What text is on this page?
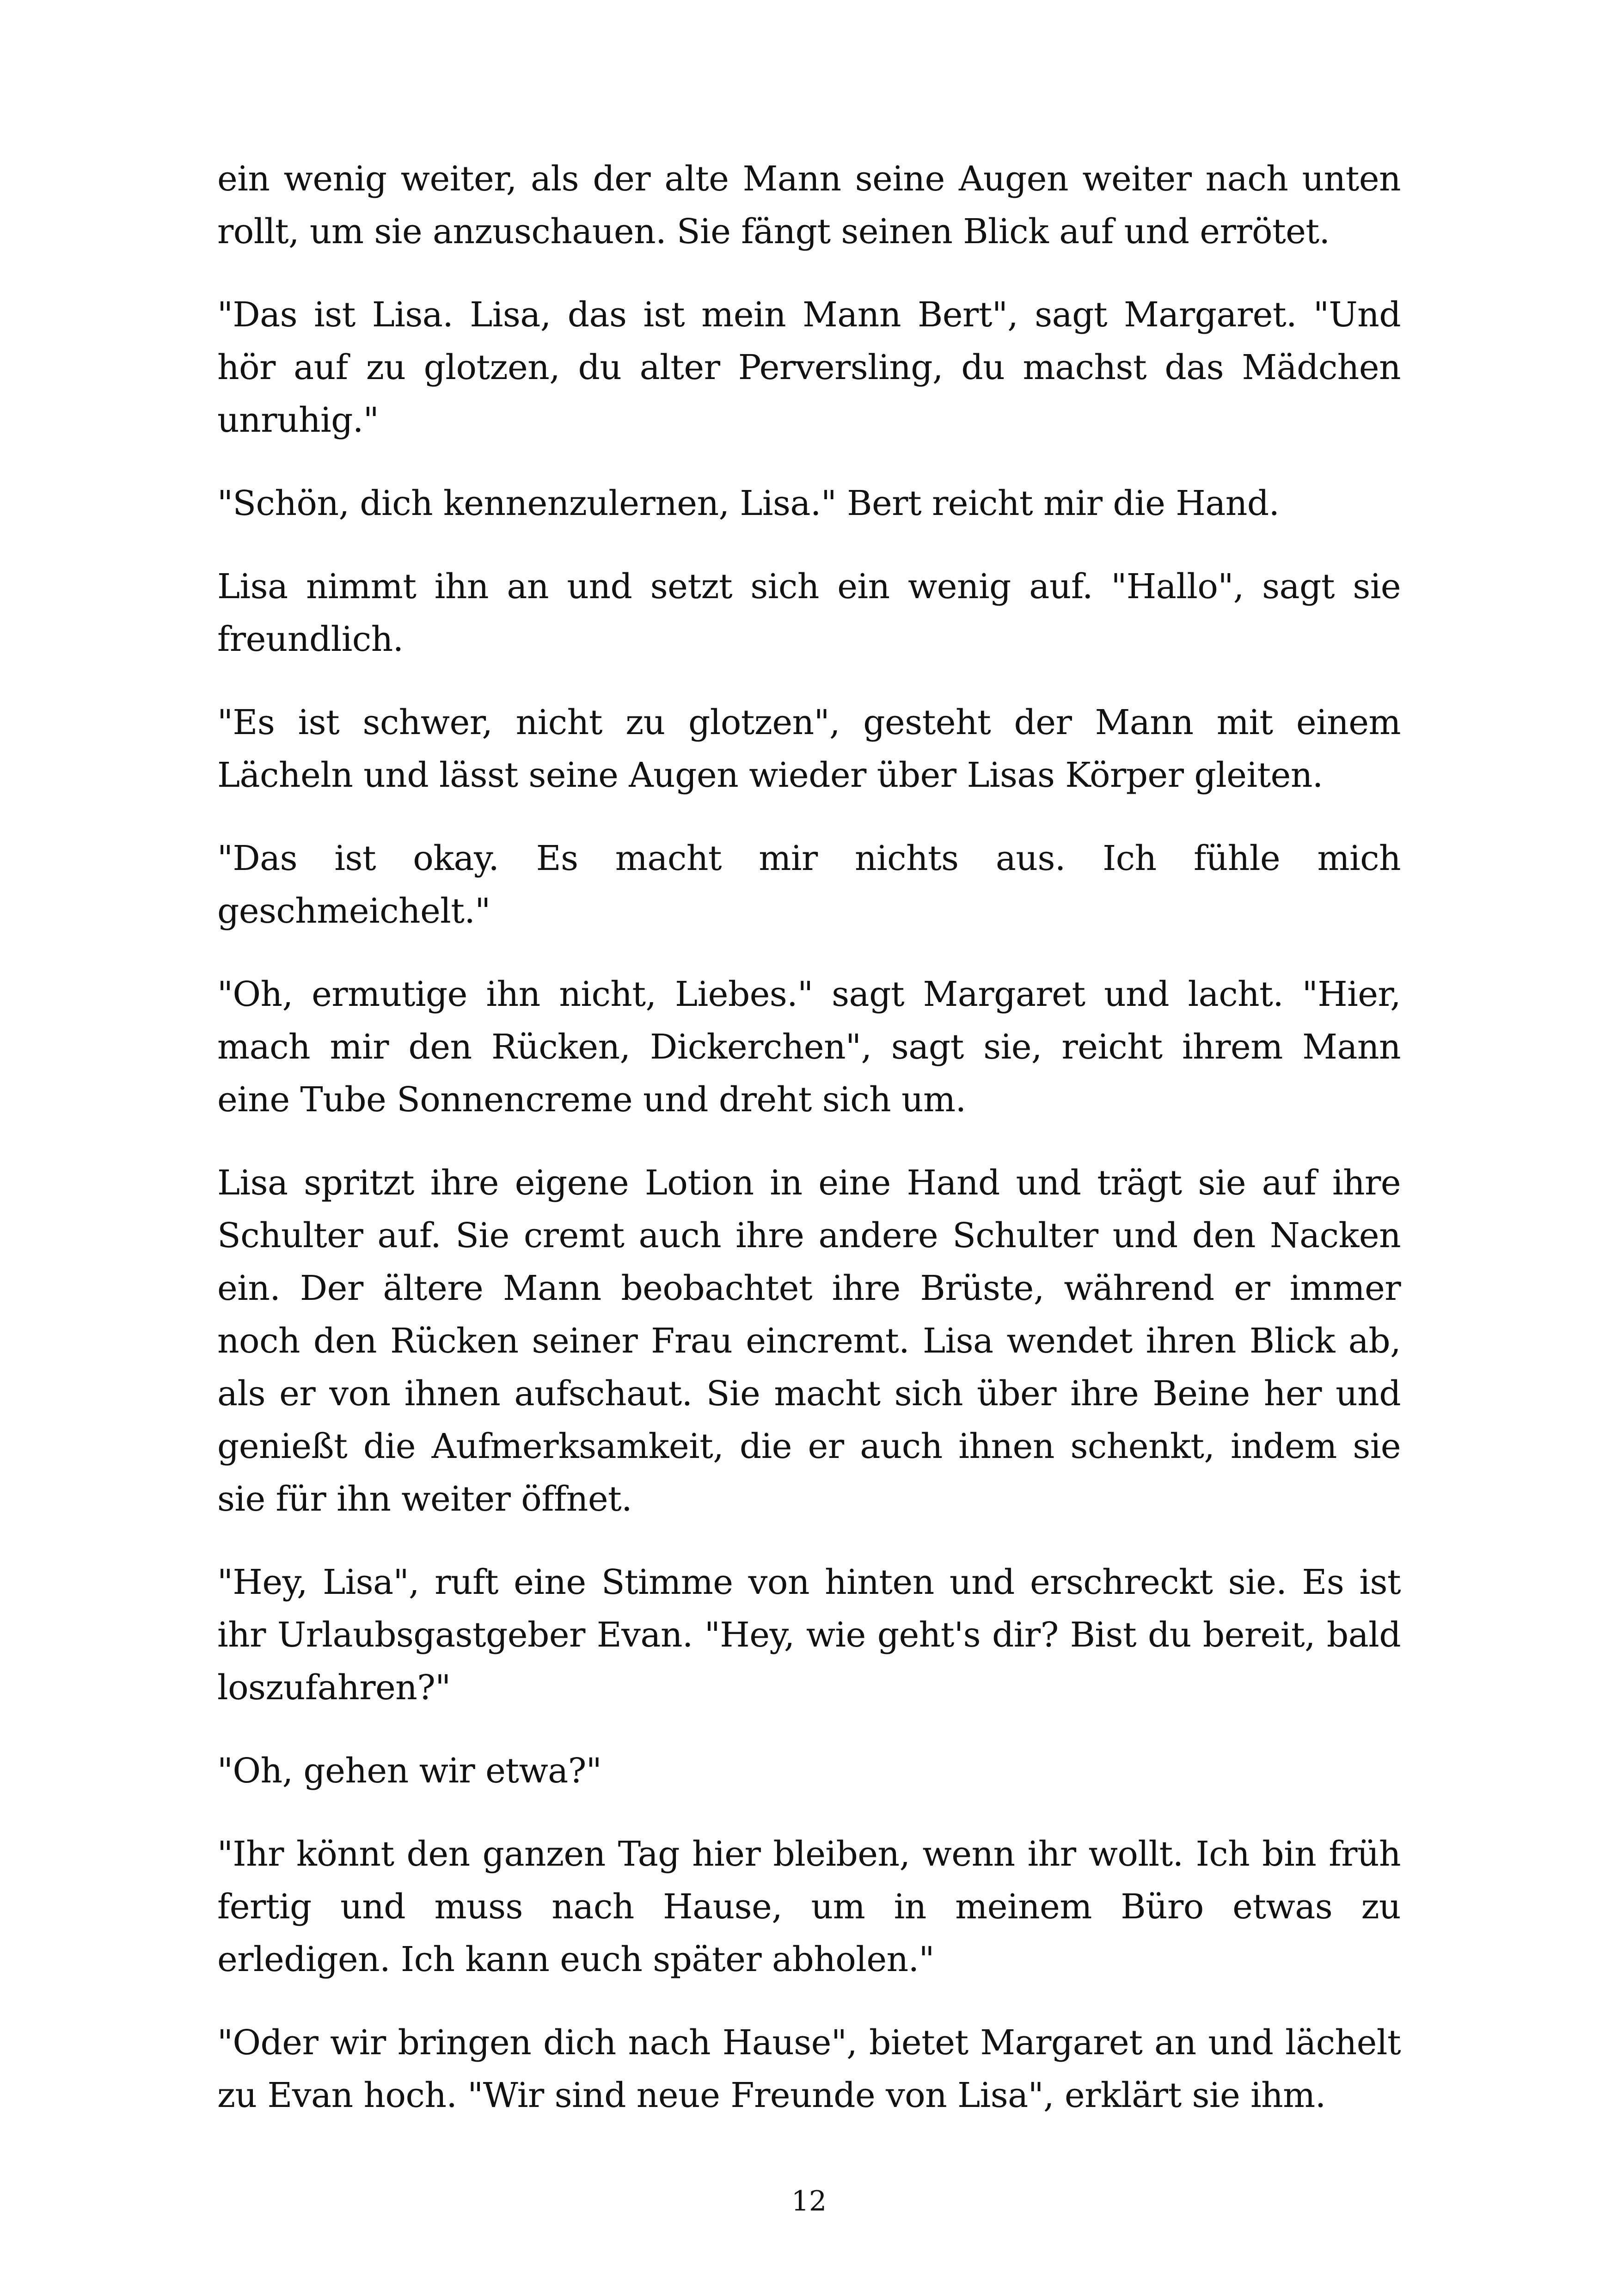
ein wenig weiter, als der alte Mann seine Augen weiter nach unten rollt, um sie anzuschauen. Sie fängt seinen Blick auf und errötet.

"Das ist Lisa. Lisa, das ist mein Mann Bert", sagt Margaret. "Und hör auf zu glotzen, du alter Perversling, du machst das Mädchen unruhig."

"Schön, dich kennenzulernen, Lisa." Bert reicht mir die Hand.

Lisa nimmt ihn an und setzt sich ein wenig auf. "Hallo", sagt sie freundlich.

"Es ist schwer, nicht zu glotzen", gesteht der Mann mit einem Lächeln und lässt seine Augen wieder über Lisas Körper gleiten.

"Das ist okay. Es macht mir nichts aus. Ich fühle mich geschmeichelt."

"Oh, ermutige ihn nicht, Liebes." sagt Margaret und lacht. "Hier, mach mir den Rücken, Dickerchen", sagt sie, reicht ihrem Mann eine Tube Sonnencreme und dreht sich um.

Lisa spritzt ihre eigene Lotion in eine Hand und trägt sie auf ihre Schulter auf. Sie cremt auch ihre andere Schulter und den Nacken ein. Der ältere Mann beobachtet ihre Brüste, während er immer noch den Rücken seiner Frau eincremt. Lisa wendet ihren Blick ab, als er von ihnen aufschaut. Sie macht sich über ihre Beine her und genießt die Aufmerksamkeit, die er auch ihnen schenkt, indem sie sie für ihn weiter öffnet.

"Hey, Lisa", ruft eine Stimme von hinten und erschreckt sie. Es ist ihr Urlaubsgastgeber Evan. "Hey, wie geht's dir? Bist du bereit, bald loszufahren?"

"Oh, gehen wir etwa?"

"Ihr könnt den ganzen Tag hier bleiben, wenn ihr wollt. Ich bin früh fertig und muss nach Hause, um in meinem Büro etwas zu erledigen. Ich kann euch später abholen."

"Oder wir bringen dich nach Hause", bietet Margaret an und lächelt zu Evan hoch. "Wir sind neue Freunde von Lisa", erklärt sie ihm.

12
